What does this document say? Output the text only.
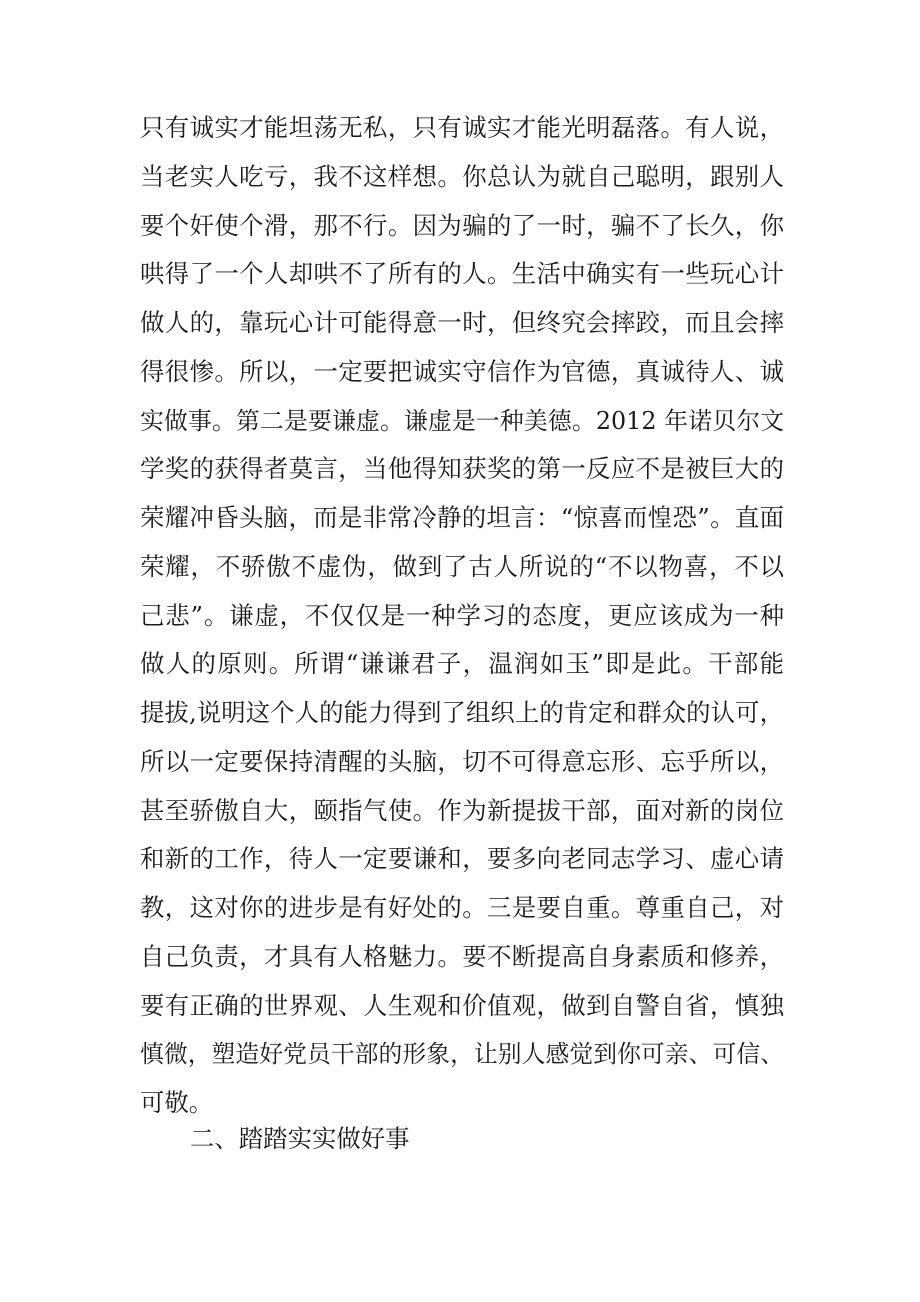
只有诚实才能坦荡无私，只有诚实才能光明磊落。有人说，
当老实人吃亏，我不这样想。你总认为就自己聪明，跟别人
要个奸使个滑，那不行。因为骗的了一时，骗不了长久，你
哄得了一个人却哄不了所有的人。生活中确实有一些玩心计
做人的，靠玩心计可能得意一时，但终究会摔跤，而且会摔
得很惨。所以，一定要把诚实守信作为官德，真诚待人、诚
实做事。第二是要谦虚。谦虚是一种美德。2012 年诺贝尔文
学奖的获得者莫言，当他得知获奖的第一反应不是被巨大的
荣耀冲昏头脑，而是非常冷静的坦言：“惊喜而惶恐”。直面
荣耀，不骄傲不虚伪，做到了古人所说的“不以物喜，不以
己悲”。谦虚，不仅仅是一种学习的态度，更应该成为一种
做人的原则。所谓“谦谦君子，温润如玉”即是此。干部能
提拔,说明这个人的能力得到了组织上的肯定和群众的认可，
所以一定要保持清醒的头脑，切不可得意忘形、忘乎所以，
甚至骄傲自大，颐指气使。作为新提拔干部，面对新的岗位
和新的工作，待人一定要谦和，要多向老同志学习、虚心请
教，这对你的进步是有好处的。三是要自重。尊重自己，对
自己负责，才具有人格魅力。要不断提高自身素质和修养，
要有正确的世界观、人生观和价值观，做到自警自省，慎独
慎微，塑造好党员干部的形象，让别人感觉到你可亲、可信、
可敬。
二、踏踏实实做好事
